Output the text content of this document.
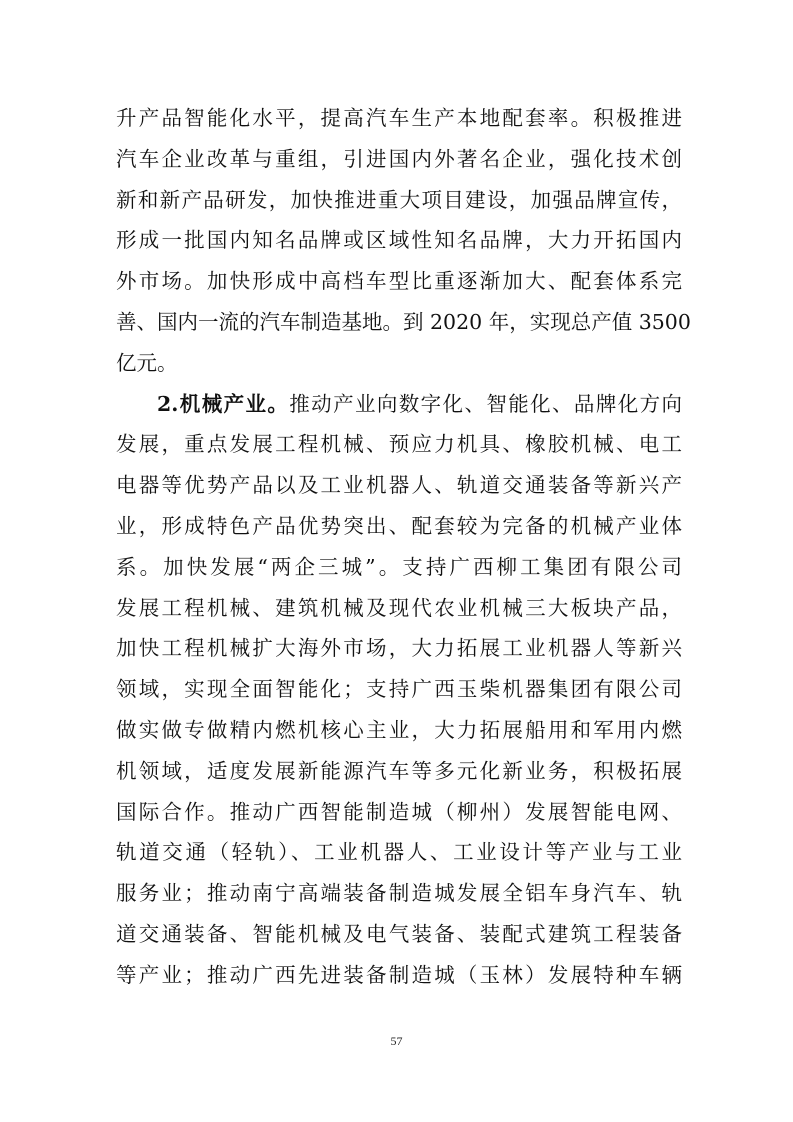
升产品智能化水平，提高汽车生产本地配套率。积极推进
汽车企业改革与重组，引进国内外著名企业，强化技术创
新和新产品研发，加快推进重大项目建设，加强品牌宣传，
形成一批国内知名品牌或区域性知名品牌，大力开拓国内
外市场。加快形成中高档车型比重逐渐加大、配套体系完
善、国内一流的汽车制造基地。到 2020 年，实现总产值 3500
亿元。
2.机械产业。推动产业向数字化、智能化、品牌化方向
发展，重点发展工程机械、预应力机具、橡胶机械、电工
电器等优势产品以及工业机器人、轨道交通装备等新兴产
业，形成特色产品优势突出、配套较为完备的机械产业体
系。加快发展“两企三城”。支持广西柳工集团有限公司
发展工程机械、建筑机械及现代农业机械三大板块产品，
加快工程机械扩大海外市场，大力拓展工业机器人等新兴
领域，实现全面智能化；支持广西玉柴机器集团有限公司
做实做专做精内燃机核心主业，大力拓展船用和军用内燃
机领域，适度发展新能源汽车等多元化新业务，积极拓展
国际合作。推动广西智能制造城（柳州）发展智能电网、
轨道交通（轻轨）、工业机器人、工业设计等产业与工业
服务业；推动南宁高端装备制造城发展全铝车身汽车、轨
道交通装备、智能机械及电气装备、装配式建筑工程装备
等产业；推动广西先进装备制造城（玉林）发展特种车辆
57
